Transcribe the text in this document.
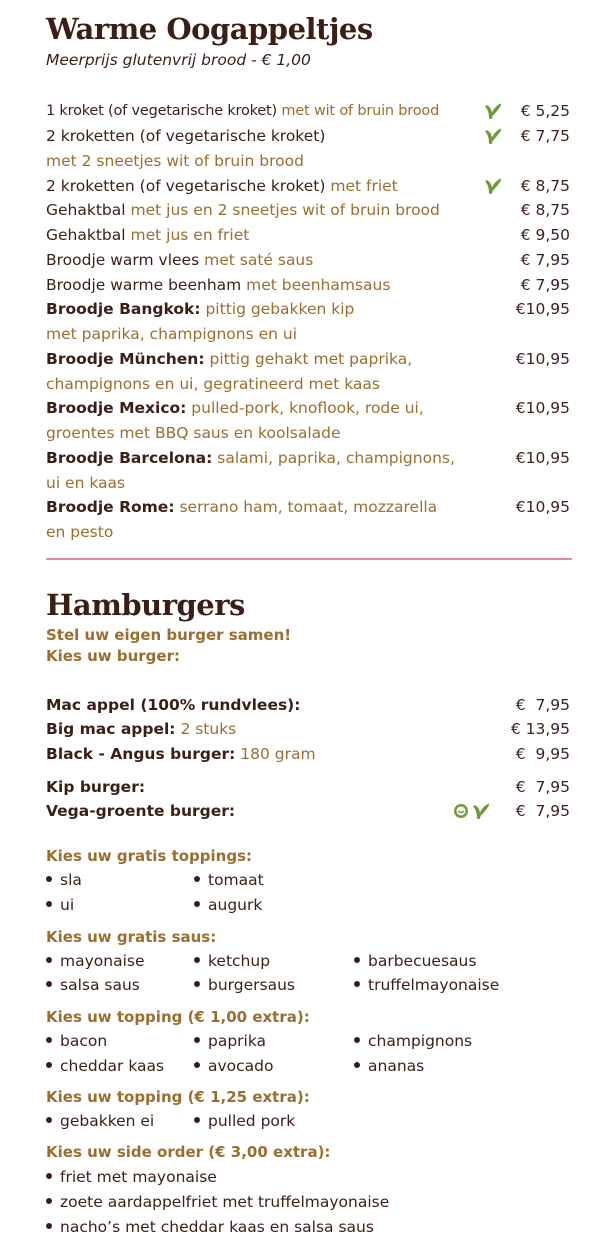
Warme Oogappeltjes
Meerprijs glutenvrij brood - € 1,00
1 kroket (of vegetarische kroket) met wit of bruin brood	€ 5,25
2 kroketten (of vegetarische kroket)	€ 7,75
met 2 sneetjes wit of bruin brood
2 kroketten (of vegetarische kroket) met friet	€ 8,75
Gehaktbal met jus en 2 sneetjes wit of bruin brood	€ 8,75
Gehaktbal met jus en friet	€ 9,50
Broodje warm vlees met saté saus	€ 7,95
Broodje warme beenham met beenhamsaus	€ 7,95
Broodje Bangkok: pittig gebakken kip	€10,95
met paprika, champignons en ui
Broodje München: pittig gehakt met paprika,	€10,95
champignons en ui, gegratineerd met kaas
Broodje Mexico: pulled-pork, knoflook, rode ui,	€10,95
groentes met BBQ saus en koolsalade
Broodje Barcelona: salami, paprika, champignons,	€10,95
ui en kaas
Broodje Rome: serrano ham, tomaat, mozzarella	€10,95
en pesto
Hamburgers
Stel uw eigen burger samen!
Kies uw burger:
Mac appel (100% rundvlees):	€  7,95
Big mac appel: 2 stuks	€ 13,95
Black - Angus burger: 180 gram	€  9,95
Kip burger:	€  7,95
Vega-groente burger:	€  7,95
Kies uw gratis toppings:
sla	tomaat
ui	augurk
Kies uw gratis saus:
mayonaise	ketchup	barbecuesaus
salsa saus	burgersaus	truffelmayonaise
Kies uw topping (€ 1,00 extra):
bacon	paprika	champignons
cheddar kaas	avocado	ananas
Kies uw topping (€ 1,25 extra):
gebakken ei	pulled pork
Kies uw side order (€ 3,00 extra):
friet met mayonaise
zoete aardappelfriet met truffelmayonaise
nacho’s met cheddar kaas en salsa saus
